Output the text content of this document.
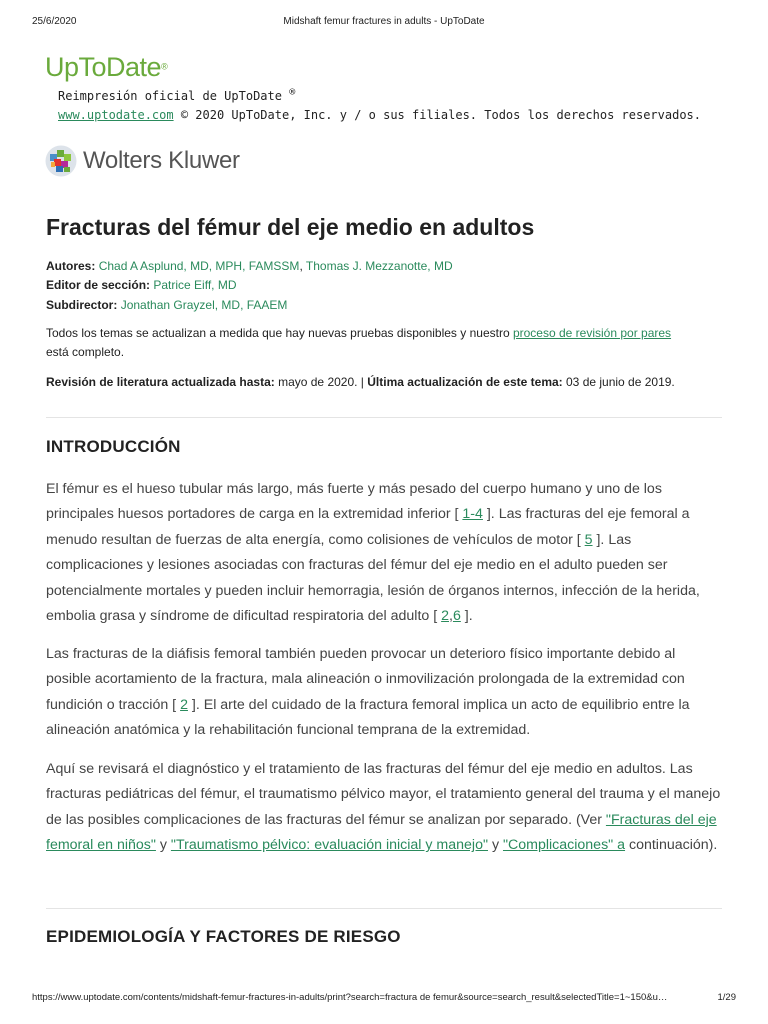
25/6/2020	Midshaft femur fractures in adults - UpToDate
UpToDate®
Reimpresión oficial de UpToDate ®
www.uptodate.com © 2020 UpToDate, Inc. y / o sus filiales. Todos los derechos reservados.
Wolters Kluwer
Fracturas del fémur del eje medio en adultos
Autores: Chad A Asplund, MD, MPH, FAMSSM, Thomas J. Mezzanotte, MD
Editor de sección: Patrice Eiff, MD
Subdirector: Jonathan Grayzel, MD, FAAEM
Todos los temas se actualizan a medida que hay nuevas pruebas disponibles y nuestro proceso de revisión por pares
está completo.
Revisión de literatura actualizada hasta: mayo de 2020. | Última actualización de este tema: 03 de junio de 2019.
INTRODUCCIÓN

El fémur es el hueso tubular más largo, más fuerte y más pesado del cuerpo humano y uno de los principales huesos portadores de carga en la extremidad inferior [ 1-4 ]. Las fracturas del eje femoral a menudo resultan de fuerzas de alta energía, como colisiones de vehículos de motor [ 5 ]. Las complicaciones y lesiones asociadas con fracturas del fémur del eje medio en el adulto pueden ser potencialmente mortales y pueden incluir hemorragia, lesión de órganos internos, infección de la herida, embolia grasa y síndrome de dificultad respiratoria del adulto [ 2,6 ].

Las fracturas de la diáfisis femoral también pueden provocar un deterioro físico importante debido al posible acortamiento de la fractura, mala alineación o inmovilización prolongada de la extremidad con fundición o tracción [ 2 ]. El arte del cuidado de la fractura femoral implica un acto de equilibrio entre la alineación anatómica y la rehabilitación funcional temprana de la extremidad.

Aquí se revisará el diagnóstico y el tratamiento de las fracturas del fémur del eje medio en adultos. Las fracturas pediátricas del fémur, el traumatismo pélvico mayor, el tratamiento general del trauma y el manejo de las posibles complicaciones de las fracturas del fémur se analizan por separado. (Ver "Fracturas del eje femoral en niños" y "Traumatismo pélvico: evaluación inicial y manejo" y "Complicaciones" a continuación).

EPIDEMIOLOGÍA Y FACTORES DE RIESGO
https://www.uptodate.com/contents/midshaft-femur-fractures-in-adults/print?search=fractura de femur&source=search_result&selectedTitle=1~150&u…	1/29
